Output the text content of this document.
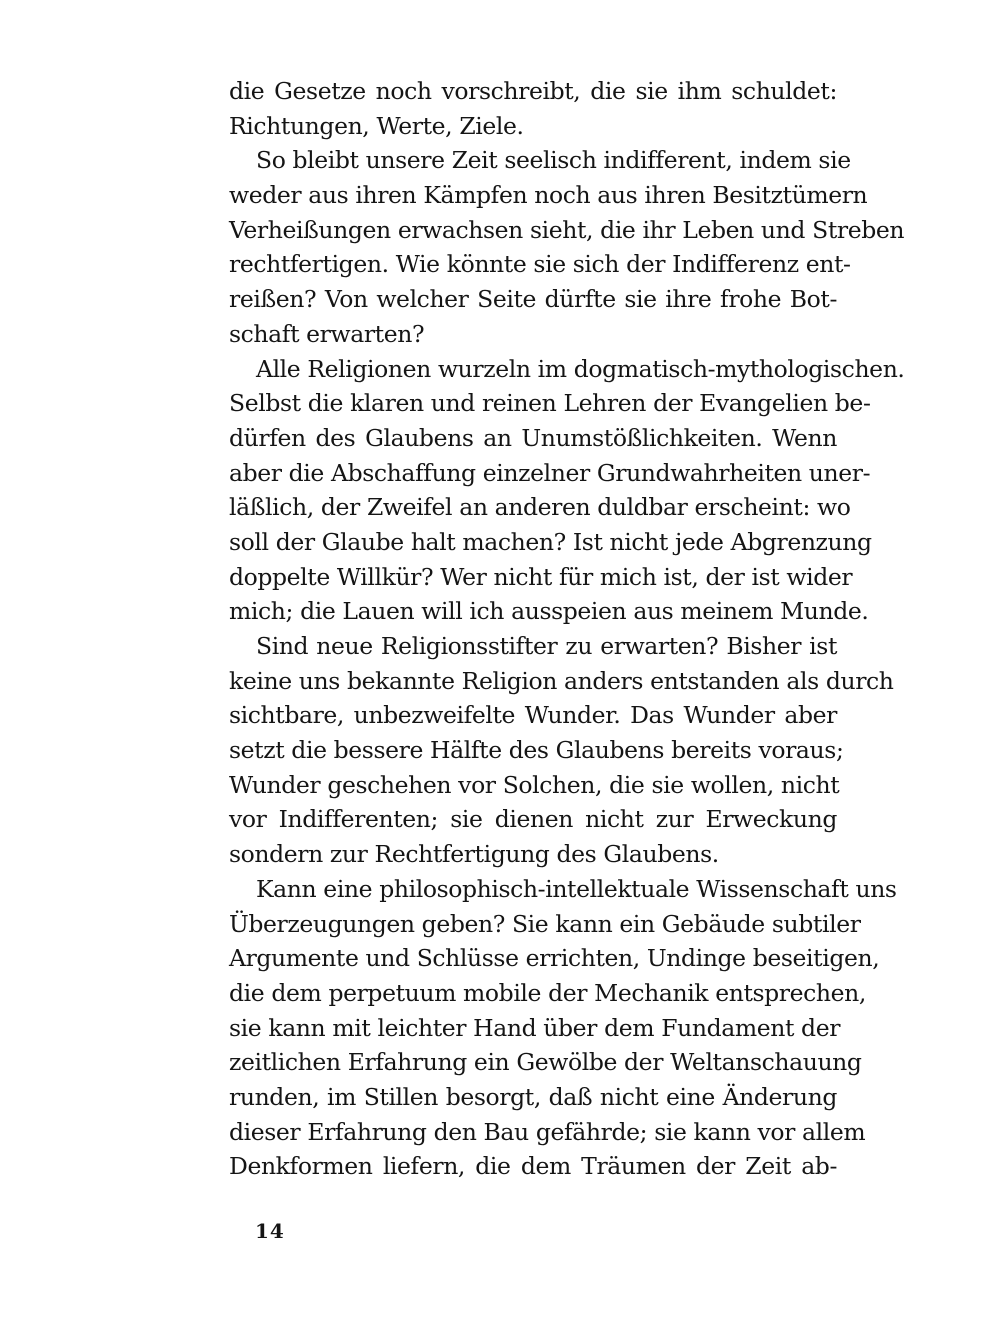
die Gesetze noch vorschreibt, die sie ihm schuldet:
Richtungen, Werte, Ziele.
So bleibt unsere Zeit seelisch indifferent, indem sie
weder aus ihren Kämpfen noch aus ihren Besitztümern
Verheißungen erwachsen sieht, die ihr Leben und Streben
rechtfertigen. Wie könnte sie sich der Indifferenz ent-
reißen? Von welcher Seite dürfte sie ihre frohe Bot-
schaft erwarten?
Alle Religionen wurzeln im dogmatisch-mythologischen.
Selbst die klaren und reinen Lehren der Evangelien be-
dürfen des Glaubens an Unumstößlichkeiten. Wenn
aber die Abschaffung einzelner Grundwahrheiten uner-
läßlich, der Zweifel an anderen duldbar erscheint: wo
soll der Glaube halt machen? Ist nicht jede Abgrenzung
doppelte Willkür? Wer nicht für mich ist, der ist wider
mich; die Lauen will ich ausspeien aus meinem Munde.
Sind neue Religionsstifter zu erwarten? Bisher ist
keine uns bekannte Religion anders entstanden als durch
sichtbare, unbezweifelte Wunder. Das Wunder aber
setzt die bessere Hälfte des Glaubens bereits voraus;
Wunder geschehen vor Solchen, die sie wollen, nicht
vor Indifferenten; sie dienen nicht zur Erweckung
sondern zur Rechtfertigung des Glaubens.
Kann eine philosophisch-intellektuale Wissenschaft uns
Überzeugungen geben? Sie kann ein Gebäude subtiler
Argumente und Schlüsse errichten, Undinge beseitigen,
die dem perpetuum mobile der Mechanik entsprechen,
sie kann mit leichter Hand über dem Fundament der
zeitlichen Erfahrung ein Gewölbe der Weltanschauung
runden, im Stillen besorgt, daß nicht eine Änderung
dieser Erfahrung den Bau gefährde; sie kann vor allem
Denkformen liefern, die dem Träumen der Zeit ab-
14
